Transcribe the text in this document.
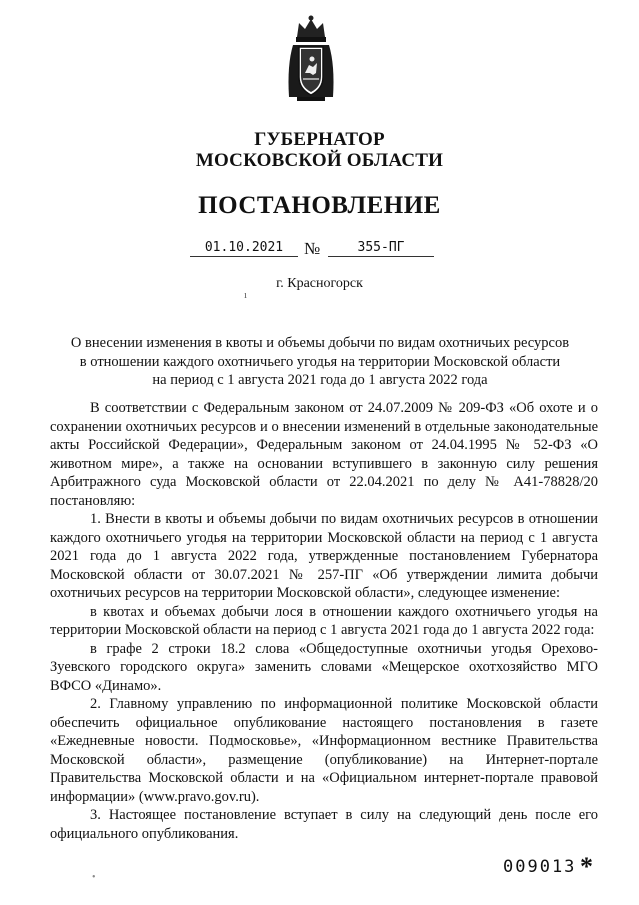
ГУБЕРНАТОР
МОСКОВСКОЙ ОБЛАСТИ
ПОСТАНОВЛЕНИЕ
01.10.2021	№	355-ПГ
г. Красногорск
ı
О внесении изменения в квоты и объемы добычи по видам охотничьих ресурсов
в отношении каждого охотничьего угодья на территории Московской области
на период с 1 августа 2021 года до 1 августа 2022 года

В соответствии с Федеральным законом от 24.07.2009 № 209-ФЗ «Об охоте и о сохранении охотничьих ресурсов и о внесении изменений в отдельные законодательные акты Российской Федерации», Федеральным законом от 24.04.1995 № 52-ФЗ «О животном мире», а также на основании вступившего в законную силу решения Арбитражного суда Московской области от 22.04.2021 по делу № А41-78828/20 постановляю:

1. Внести в квоты и объемы добычи по видам охотничьих ресурсов в отношении каждого охотничьего угодья на территории Московской области на период с 1 августа 2021 года до 1 августа 2022 года, утвержденные постановлением Губернатора Московской области от 30.07.2021 № 257-ПГ «Об утверждении лимита добычи охотничьих ресурсов на территории Московской области», следующее изменение:

в квотах и объемах добычи лося в отношении каждого охотничьего угодья на территории Московской области на период с 1 августа 2021 года до 1 августа 2022 года:

в графе 2 строки 18.2 слова «Общедоступные охотничьи угодья Орехово-Зуевского городского округа» заменить словами «Мещерское охотхозяйство МГО ВФСО «Динамо».

2. Главному управлению по информационной политике Московской области обеспечить официальное опубликование настоящего постановления в газете «Ежедневные новости. Подмосковье», «Информационном вестнике Правительства Московской области», размещение (опубликование) на Интернет-портале Правительства Московской области и на «Официальном интернет-портале правовой информации» (www.pravo.gov.ru).

3. Настоящее постановление вступает в силу на следующий день после его официального опубликования.

•
009013 *
